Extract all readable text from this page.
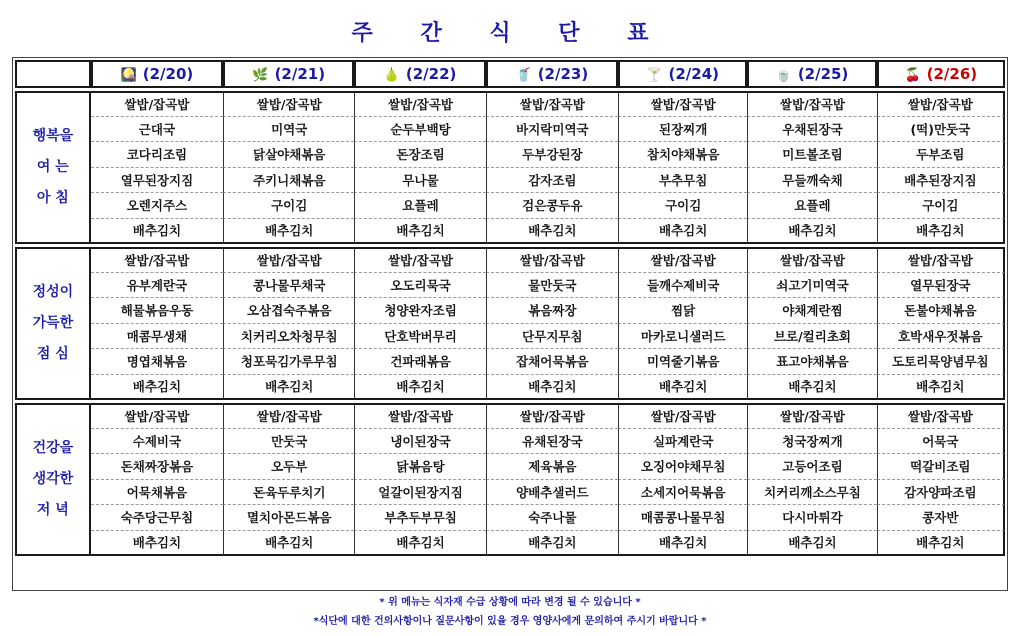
주 간 식 단 표
	🎑 (2/20)	🌿 (2/21)	🍐 (2/22)	🥤 (2/23)	🍸 (2/24)	🍵 (2/25)	🍒 (2/26)

행복을
여 는
아 침	쌀밥/잡곡밥	쌀밥/잡곡밥	쌀밥/잡곡밥	쌀밥/잡곡밥	쌀밥/잡곡밥	쌀밥/잡곡밥	쌀밥/잡곡밥
	근대국	미역국	순두부백탕	바지락미역국	된장찌개	우채된장국	(떡)만둣국
	코다리조림	닭살야채볶음	돈장조림	두부강된장	참치야채볶음	미트볼조림	두부조림
	열무된장지짐	주키니채볶음	무나물	감자조림	부추무침	무들깨숙채	배추된장지짐
	오렌지주스	구이김	요플레	검은콩두유	구이김	요플레	구이김
	배추김치	배추김치	배추김치	배추김치	배추김치	배추김치	배추김치

정성이
가득한
점 심	쌀밥/잡곡밥	쌀밥/잡곡밥	쌀밥/잡곡밥	쌀밥/잡곡밥	쌀밥/잡곡밥	쌀밥/잡곡밥	쌀밥/잡곡밥
	유부계란국	콩나물무채국	오도리묵국	물만둣국	들깨수제비국	쇠고기미역국	열무된장국
	해물볶음우동	오삼겹숙주볶음	청양완자조림	볶음짜장	찜닭	야채계란찜	돈불야채볶음
	매콤무생채	치커리오차청무침	단호박버무리	단무지무침	마카로니샐러드	브로/컬리초회	호박새우젓볶음
	명엽채볶음	청포묵김가루무침	건파래볶음	잡채어묵볶음	미역줄기볶음	표고야채볶음	도토리묵양념무침
	배추김치	배추김치	배추김치	배추김치	배추김치	배추김치	배추김치

건강을
생각한
저 녁	쌀밥/잡곡밥	쌀밥/잡곡밥	쌀밥/잡곡밥	쌀밥/잡곡밥	쌀밥/잡곡밥	쌀밥/잡곡밥	쌀밥/잡곡밥
	수제비국	만둣국	냉이된장국	유채된장국	실파계란국	청국장찌개	어묵국
	돈채짜장볶음	오두부	닭볶음탕	제육볶음	오징어야채무침	고등어조림	떡갈비조림
	어묵채볶음	돈육두루치기	얼갈이된장지짐	양배추샐러드	소세지어묵볶음	치커리깨소스무침	감자양파조림
	숙주당근무침	멸치아몬드볶음	부추두부무침	숙주나물	매콤콩나물무침	다시마튀각	콩자반
	배추김치	배추김치	배추김치	배추김치	배추김치	배추김치	배추김치
* 위 메뉴는 식자재 수급 상황에 따라 변경 될 수 있습니다 *
*식단에 대한 건의사항이나 질문사항이 있을 경우 영양사에게 문의하여 주시기 바랍니다 *
